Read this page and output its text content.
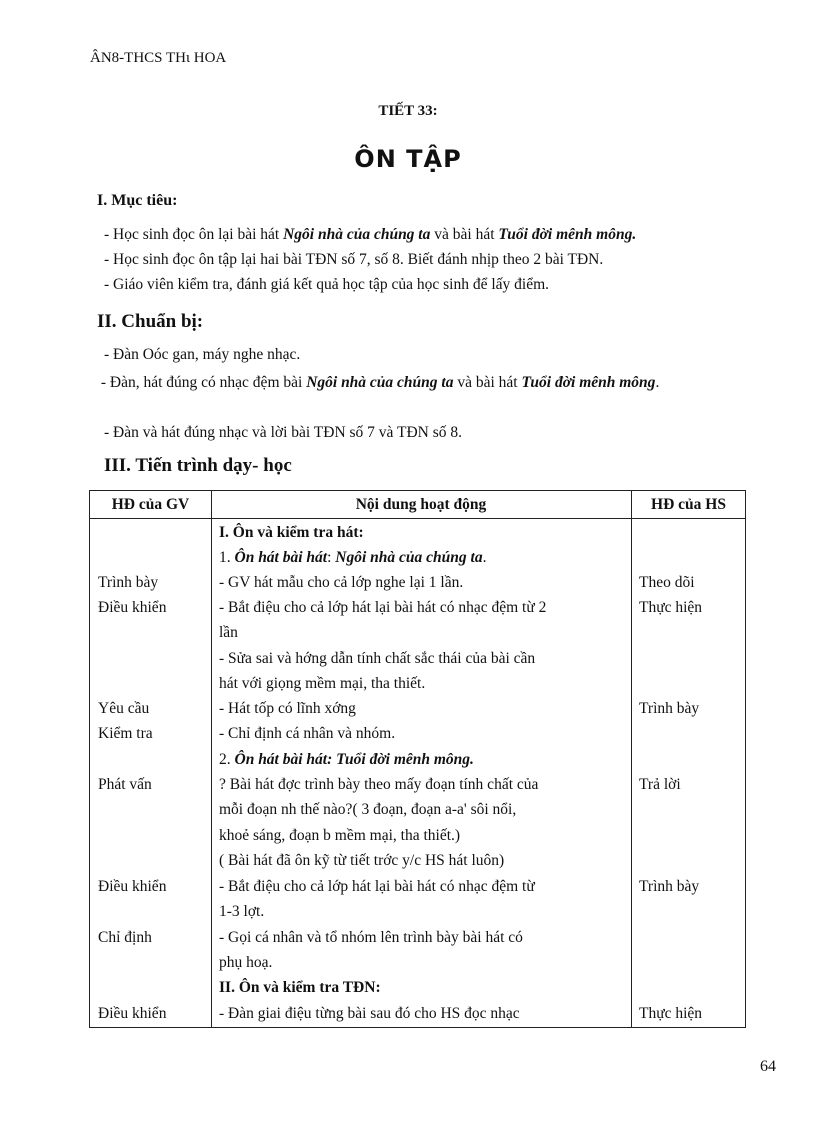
ÂN8-THCS THι HOA
TIẾT 33:
ÔN TẬP
I. Mục tiêu:
- Học sinh đọc ôn lại bài hát Ngôi nhà của chúng ta và bài hát Tuổi đời mênh mông.
- Học sinh đọc ôn tập lại hai bài TĐN số 7, số 8. Biết đánh nhịp theo 2 bài TĐN.
- Giáo viên kiểm tra, đánh giá kết quả học tập của học sinh để lấy điểm.
II. Chuẩn bị:
- Đàn Oóc gan, máy nghe nhạc.
- Đàn, hát đúng có nhạc đệm bài Ngôi nhà của chúng ta và bài hát Tuổi đời mênh mông.
- Đàn và hát đúng nhạc và lời bài TĐN số 7 và TĐN số 8.
III. Tiến trình dạy- học
HĐ của GV	Nội dung hoạt động	HĐ của HS
I. Ôn và kiểm tra hát:
1. Ôn hát bài hát: Ngôi nhà của chúng ta.
- GV hát mẫu cho cả lớp nghe lại 1 lần.
- Bắt điệu cho cả lớp hát lại bài hát có nhạc đệm từ 2
lần
- Sửa sai và hớng dẫn tính chất sắc thái của bài cần
hát với giọng mềm mại, tha thiết.
- Hát tốp có lĩnh xớng
- Chỉ định cá nhân và nhóm.
2. Ôn hát bài hát: Tuổi đời mênh mông.
? Bài hát đợc trình bày theo mấy đoạn tính chất của
mỗi đoạn nh thế nào?( 3 đoạn, đoạn a-a' sôi nổi,
khoẻ sáng, đoạn b mềm mại, tha thiết.)
( Bài hát đã ôn kỹ từ tiết trớc y/c HS hát luôn)
- Bắt điệu cho cả lớp hát lại bài hát có nhạc đệm từ
1-3 lợt.
- Gọi cá nhân và tổ nhóm lên trình bày bài hát có
phụ hoạ.
II. Ôn và kiểm tra TĐN:
- Đàn giai điệu từng bài sau đó cho HS đọc nhạc
Trình bày
Điều khiển
Yêu cầu
Kiểm tra
Phát vấn
Điều khiển
Chỉ định
Điều khiển
Theo dõi
Thực hiện
Trình bày
Trả lời
Trình bày
Thực hiện
64
